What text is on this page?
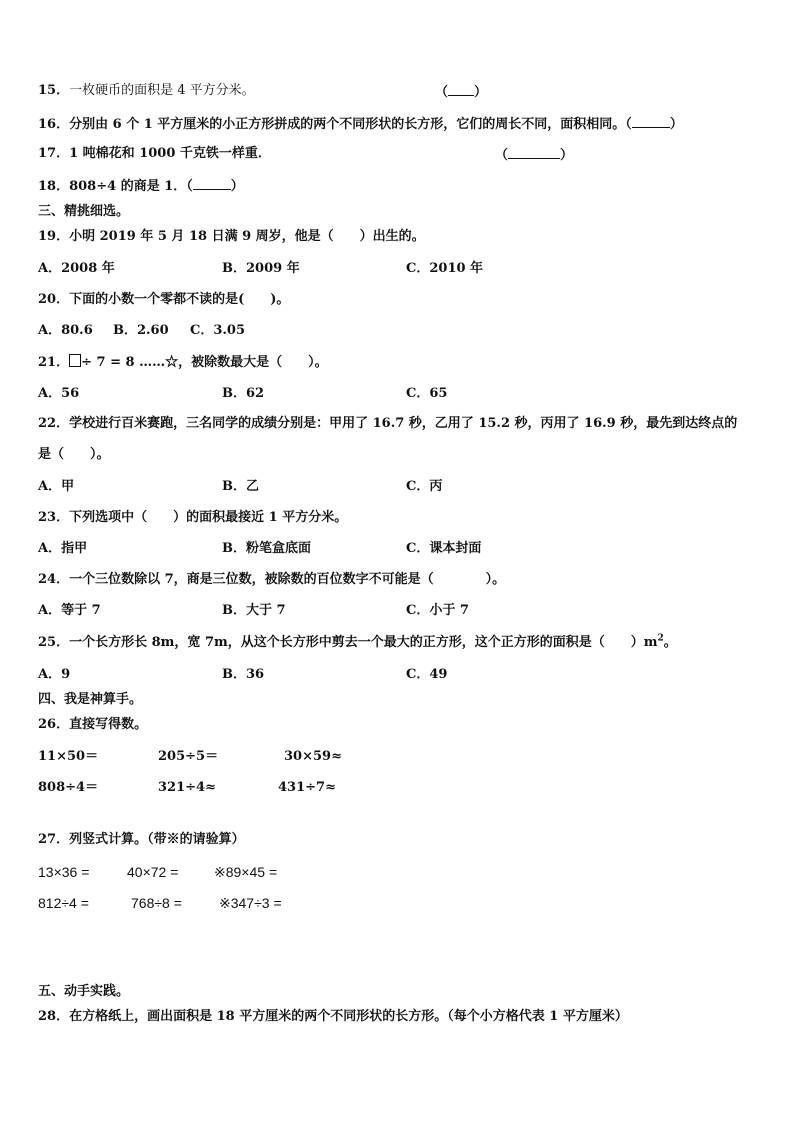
15．一枚硬币的面积是 4 平方分米。	（ ）
16．分别由 6 个 1 平方厘米的小正方形拼成的两个不同形状的长方形，它们的周长不同，面积相同。（	）
17．1 吨棉花和 1000 千克铁一样重．	（	）
18．808÷4 的商是 1．（	）
三、精挑细选。
19．小明 2019 年 5 月 18 日满 9 周岁，他是（　　）出生的。
A．2008 年	B．2009 年	C．2010 年
20．下面的小数一个零都不读的是(　　)。
A．80.6 B．2.60 C．3.05
21． ÷ 7 = 8 ……☆，被除数最大是（　　）。
A．56	B．62	C．65
22．学校进行百米赛跑，三名同学的成绩分别是：甲用了 16.7 秒，乙用了 15.2 秒，丙用了 16.9 秒，最先到达终点的
是（　　）。
A．甲	B．乙	C．丙
23．下列选项中（　　）的面积最接近 1 平方分米。
A．指甲	B．粉笔盒底面	C．课本封面
24．一个三位数除以 7，商是三位数，被除数的百位数字不可能是（　　　　）。
A．等于 7	B．大于 7	C．小于 7
25．一个长方形长 8m，宽 7m，从这个长方形中剪去一个最大的正方形，这个正方形的面积是（　　）$m^2$。
A．9	B．36	C．49
四、我是神算手。
26．直接写得数。
11×50＝	205÷5＝	30×59≈
808÷4＝	321÷4≈	431÷7≈
27．列竖式计算。（带※的请验算）
13×36 =	40×72 =	※89×45 =
812÷4 =	768÷8 =	※347÷3 =
五、动手实践。
28．在方格纸上，画出面积是 18 平方厘米的两个不同形状的长方形。（每个小方格代表 1 平方厘米）
